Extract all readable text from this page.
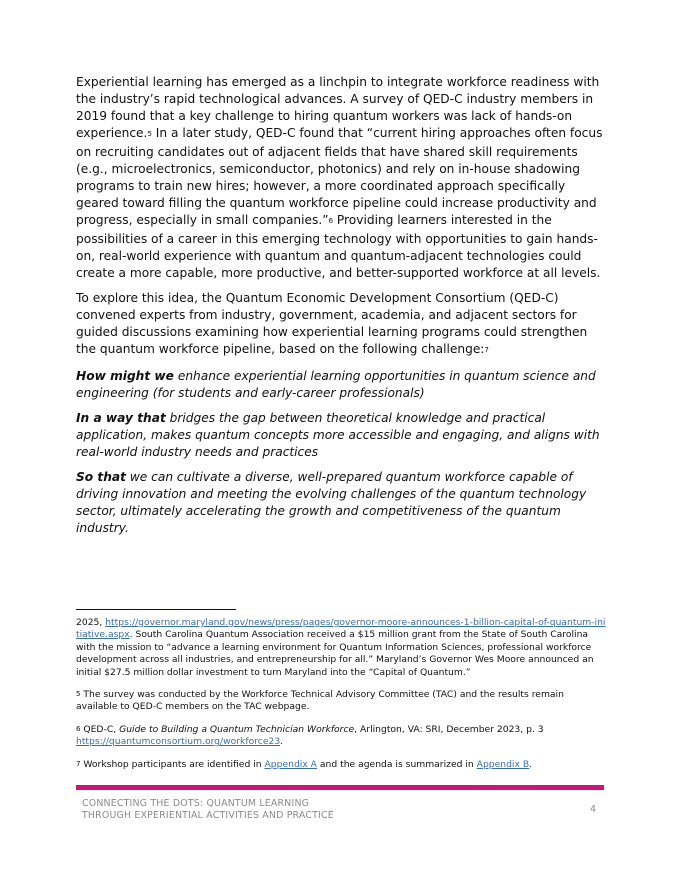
Experiential learning has emerged as a linchpin to integrate workforce readiness with the industry’s rapid technological advances. A survey of QED-C industry members in 2019 found that a key challenge to hiring quantum workers was lack of hands-on experience.$^5$ In a later study, QED-C found that “current hiring approaches often focus on recruiting candidates out of adjacent fields that have shared skill requirements (e.g., microelectronics, semiconductor, photonics) and rely on in-house shadowing programs to train new hires; however, a more coordinated approach specifically geared toward filling the quantum workforce pipeline could increase productivity and progress, especially in small companies.”$^6$ Providing learners interested in the possibilities of a career in this emerging technology with opportunities to gain hands-on, real-world experience with quantum and quantum-adjacent technologies could create a more capable, more productive, and better-supported workforce at all levels.

To explore this idea, the Quantum Economic Development Consortium (QED-C) convened experts from industry, government, academia, and adjacent sectors for guided discussions examining how experiential learning programs could strengthen the quantum workforce pipeline, based on the following challenge:$^7$

How might we enhance experiential learning opportunities in quantum science and engineering (for students and early-career professionals)

In a way that bridges the gap between theoretical knowledge and practical application, makes quantum concepts more accessible and engaging, and aligns with real-world industry needs and practices

So that we can cultivate a diverse, well-prepared quantum workforce capable of driving innovation and meeting the evolving challenges of the quantum technology sector, ultimately accelerating the growth and competitiveness of the quantum industry.

2025, https://governor.maryland.gov/news/press/pages/governor-moore-announces-1-billion-capital-of-quantum-initiative.aspx. South Carolina Quantum Association received a $15 million grant from the State of South Carolina with the mission to “advance a learning environment for Quantum Information Sciences, professional workforce development across all industries, and entrepreneurship for all.” Maryland’s Governor Wes Moore announced an initial $27.5 million dollar investment to turn Maryland into the “Capital of Quantum.”

$^5$ The survey was conducted by the Workforce Technical Advisory Committee (TAC) and the results remain available to QED-C members on the TAC webpage.

$^6$ QED-C, Guide to Building a Quantum Technician Workforce, Arlington, VA: SRI, December 2023, p. 3 https://quantumconsortium.org/workforce23.

$^7$ Workshop participants are identified in Appendix A and the agenda is summarized in Appendix B.

CONNECTING THE DOTS: QUANTUM LEARNING
THROUGH EXPERIENTIAL ACTIVITIES AND PRACTICE
4
